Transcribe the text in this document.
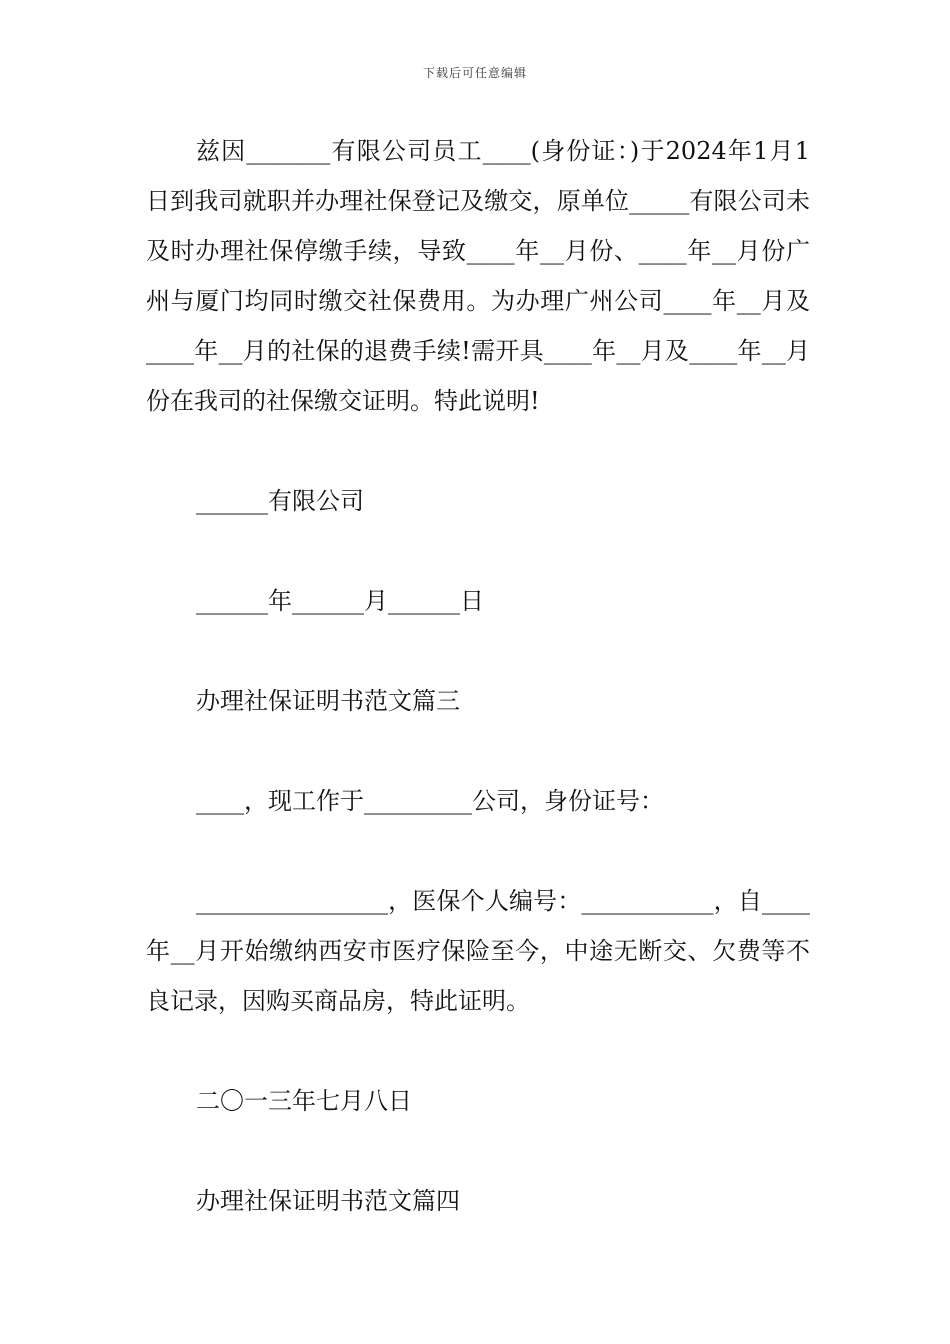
下载后可任意编辑

兹因_______有限公司员工____(身份证：)于2024年1月1日到我司就职并办理社保登记及缴交，原单位_____有限公司未及时办理社保停缴手续，导致____年__月份、____年__月份广州与厦门均同时缴交社保费用。为办理广州公司____年__月及____年__月的社保的退费手续!需开具____年__月及____年__月份在我司的社保缴交证明。特此说明!

______有限公司

______年______月______日

办理社保证明书范文篇三

____，现工作于_________公司，身份证号：

________________，医保个人编号：___________，自____年__月开始缴纳西安市医疗保险至今，中途无断交、欠费等不良记录，因购买商品房，特此证明。

二〇一三年七月八日

办理社保证明书范文篇四
